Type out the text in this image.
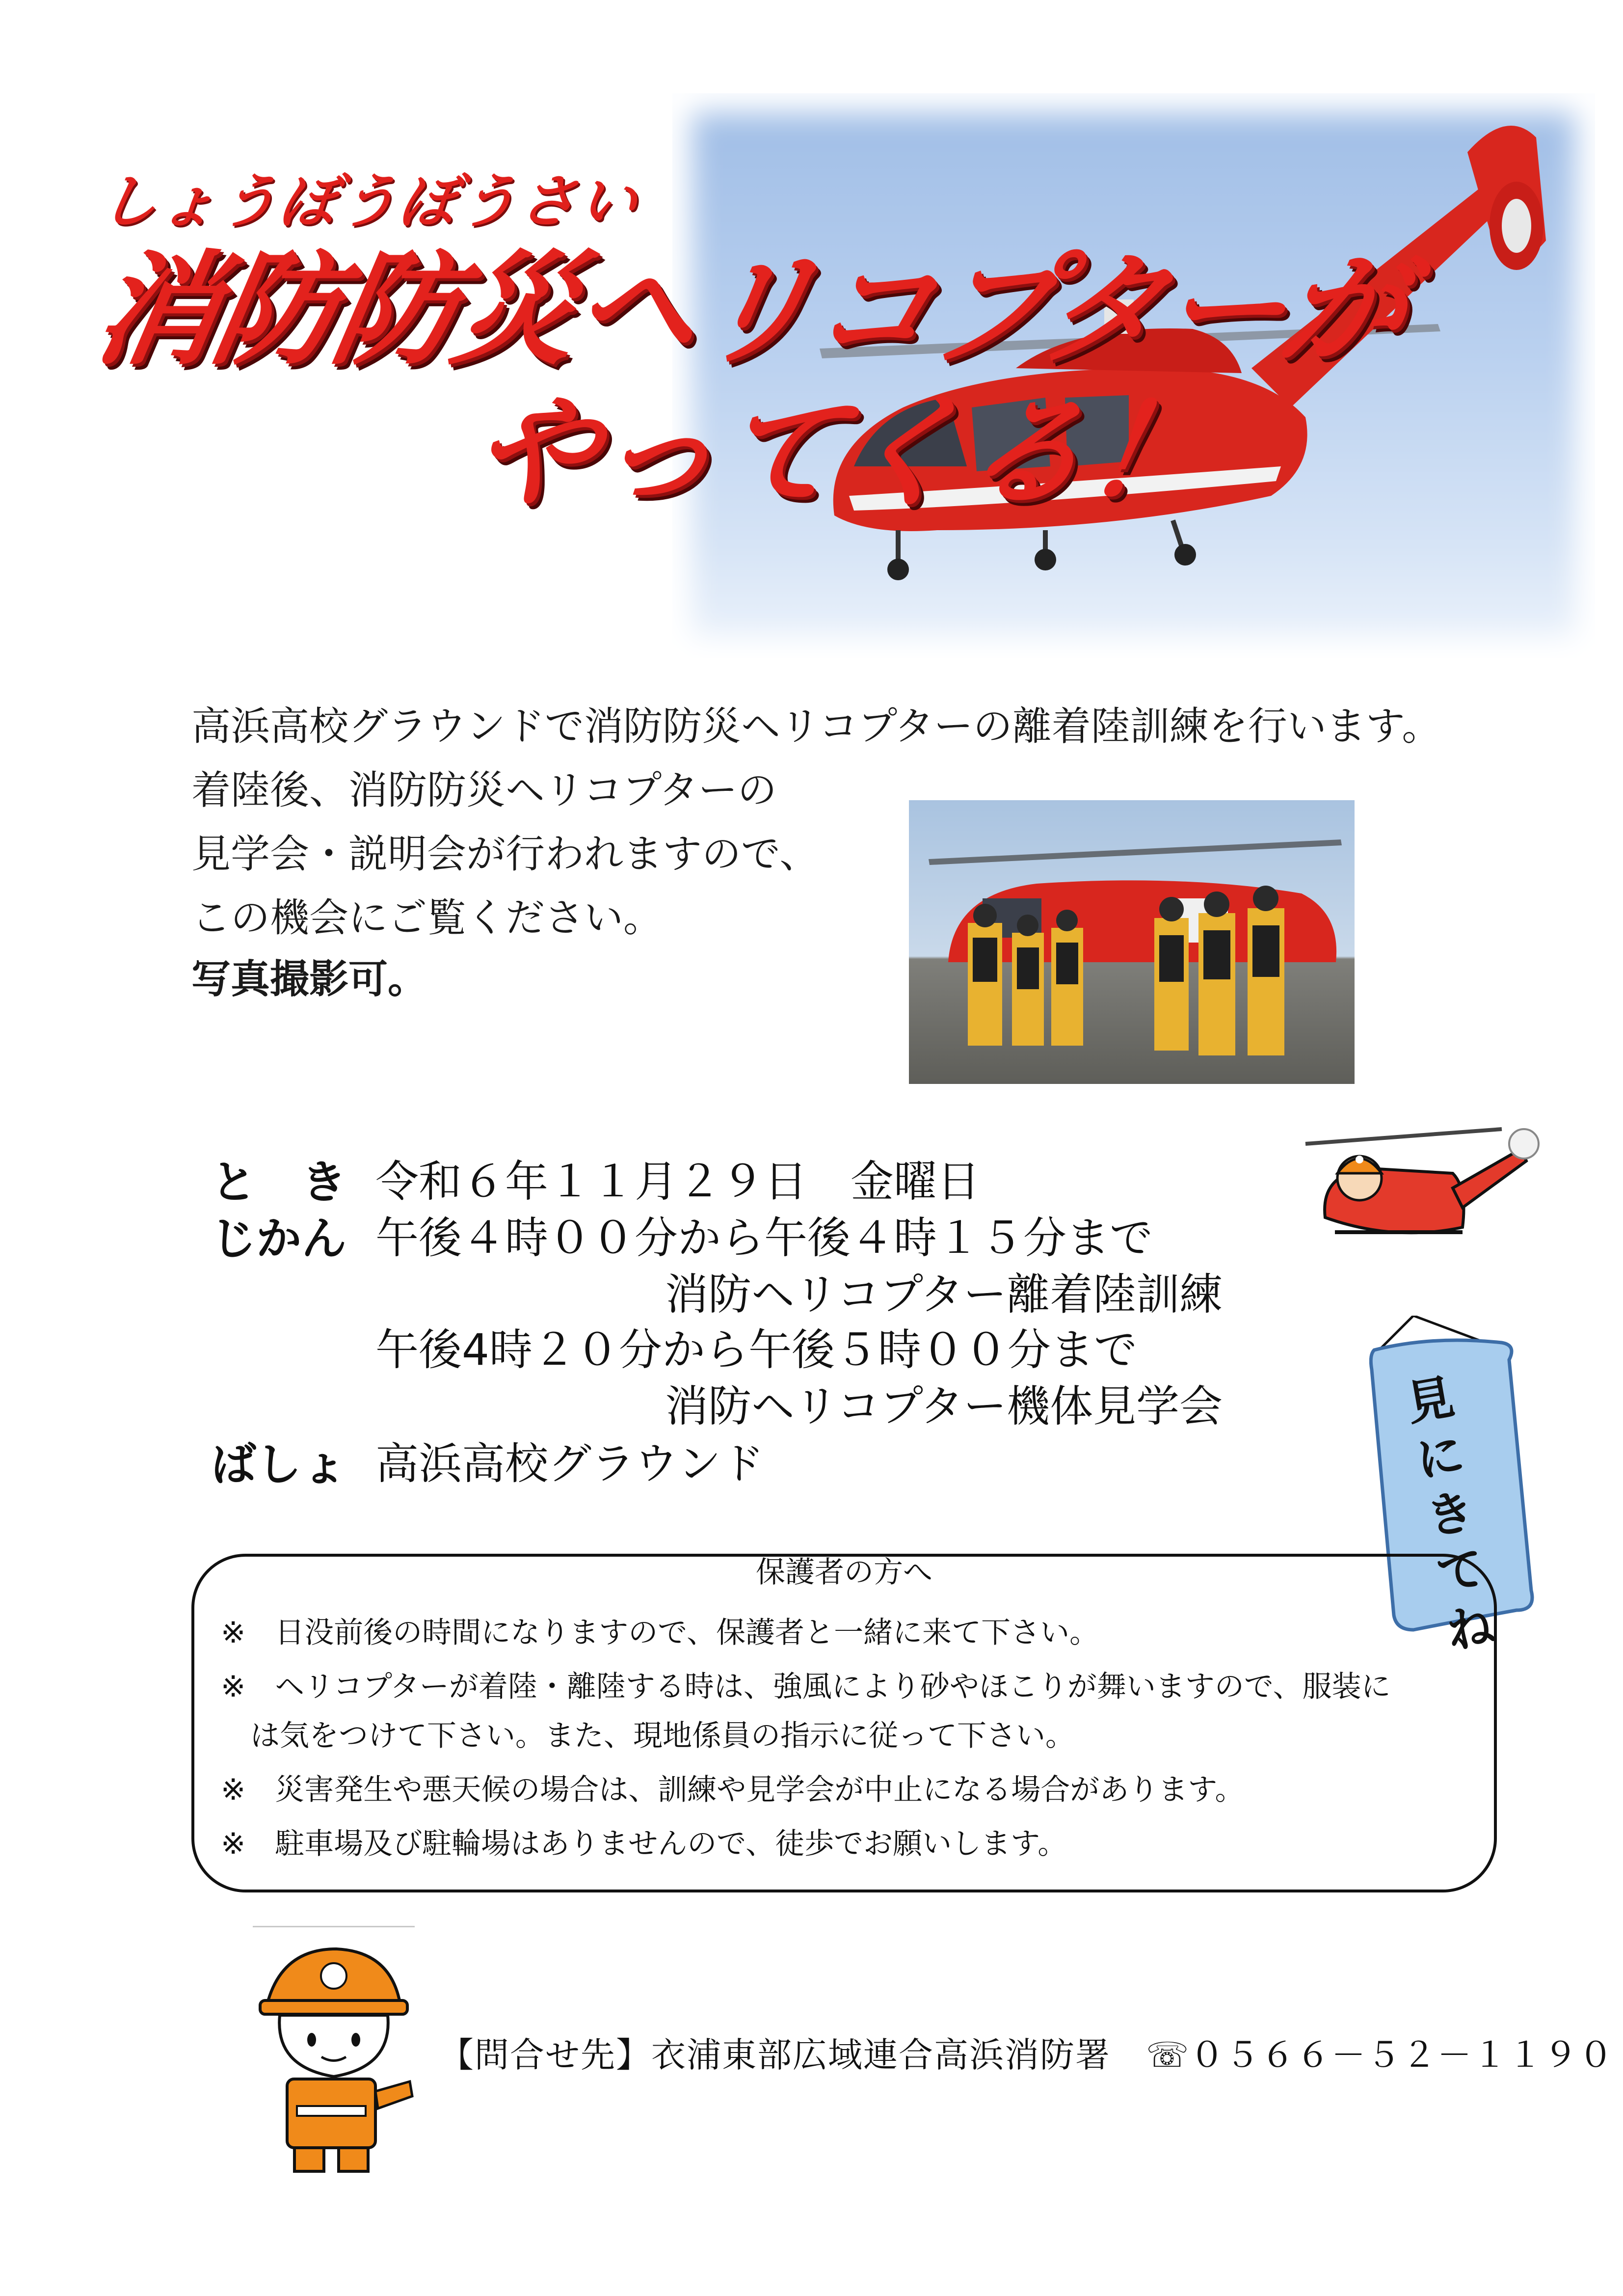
しょうぼうぼうさい
消防防災ヘリコプターが
やってくる！
高浜高校グラウンドで消防防災ヘリコプターの離着陸訓練を行います。
着陸後、消防防災ヘリコプターの
見学会・説明会が行われますので、
この機会にご覧ください。
写真撮影可。
と　き 令和６年１１月２９日　金曜日
じかん 午後４時００分から午後４時１５分まで
消防ヘリコプター離着陸訓練
午後4時２０分から午後５時００分まで
消防ヘリコプター機体見学会
ばしょ 高浜高校グラウンド
見
に
き
て
ね
保護者の方へ
※　日没前後の時間になりますので、保護者と一緒に来て下さい。
※　ヘリコプターが着陸・離陸する時は、強風により砂やほこりが舞いますので、服装に
　は気をつけて下さい。また、現地係員の指示に従って下さい。
※　災害発生や悪天候の場合は、訓練や見学会が中止になる場合があります。
※　駐車場及び駐輪場はありませんので、徒歩でお願いします。
【問合せ先】衣浦東部広域連合高浜消防署　☏０５６６－５２－１１９０
